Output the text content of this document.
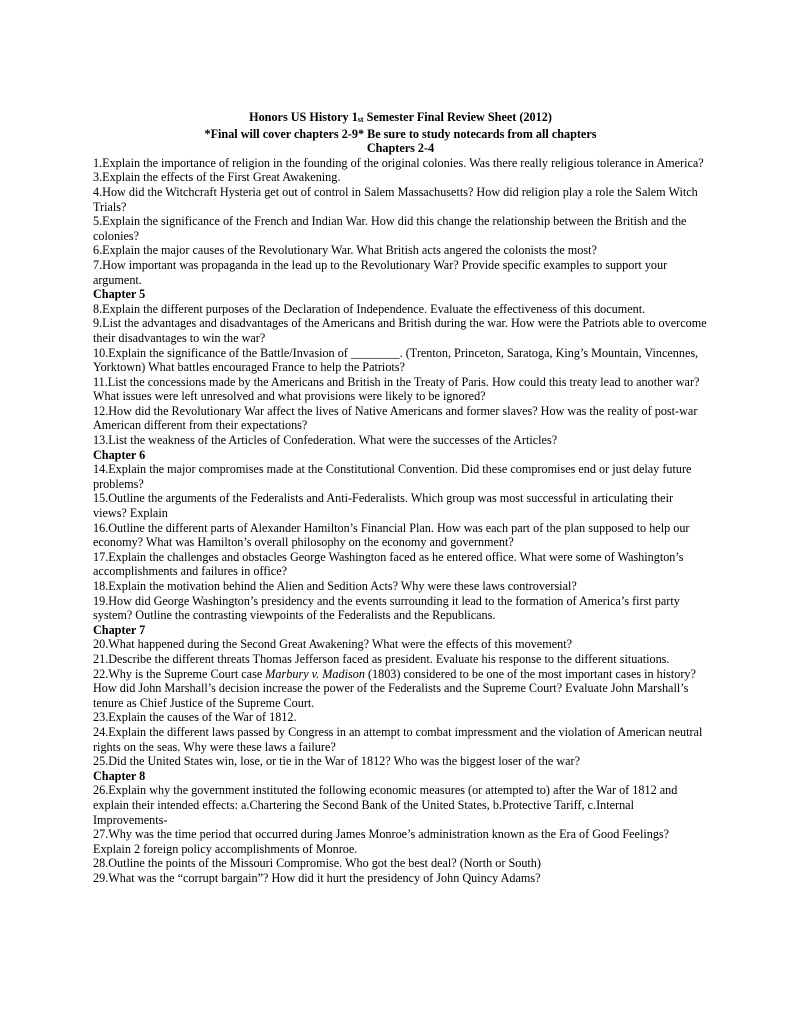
Honors US History 1st Semester Final Review Sheet (2012)
*Final will cover chapters 2-9* Be sure to study notecards from all chapters
Chapters 2-4

1.Explain the importance of religion in the founding of the original colonies. Was there really religious tolerance in America?

3.Explain the effects of the First Great Awakening.

4.How did the Witchcraft Hysteria get out of control in Salem Massachusetts? How did religion play a role the Salem Witch Trials?

5.Explain the significance of the French and Indian War. How did this change the relationship between the British and the colonies?

6.Explain the major causes of the Revolutionary War. What British acts angered the colonists the most?

7.How important was propaganda in the lead up to the Revolutionary War? Provide specific examples to support your argument.

Chapter 5

8.Explain the different purposes of the Declaration of Independence. Evaluate the effectiveness of this document.

9.List the advantages and disadvantages of the Americans and British during the war. How were the Patriots able to overcome their disadvantages to win the war?

10.Explain the significance of the Battle/Invasion of ________. (Trenton, Princeton, Saratoga, King’s Mountain, Vincennes, Yorktown) What battles encouraged France to help the Patriots?

11.List the concessions made by the Americans and British in the Treaty of Paris. How could this treaty lead to another war? What issues were left unresolved and what provisions were likely to be ignored?

12.How did the Revolutionary War affect the lives of Native Americans and former slaves? How was the reality of post-war American different from their expectations?

13.List the weakness of the Articles of Confederation. What were the successes of the Articles?

Chapter 6

14.Explain the major compromises made at the Constitutional Convention. Did these compromises end or just delay future problems?

15.Outline the arguments of the Federalists and Anti-Federalists. Which group was most successful in articulating their views? Explain

16.Outline the different parts of Alexander Hamilton’s Financial Plan. How was each part of the plan supposed to help our economy? What was Hamilton’s overall philosophy on the economy and government?

17.Explain the challenges and obstacles George Washington faced as he entered office. What were some of Washington’s accomplishments and failures in office?

18.Explain the motivation behind the Alien and Sedition Acts? Why were these laws controversial?

19.How did George Washington’s presidency and the events surrounding it lead to the formation of America’s first party system? Outline the contrasting viewpoints of the Federalists and the Republicans.

Chapter 7

20.What happened during the Second Great Awakening? What were the effects of this movement?

21.Describe the different threats Thomas Jefferson faced as president. Evaluate his response to the different situations.

22.Why is the Supreme Court case Marbury v. Madison (1803) considered to be one of the most important cases in history? How did John Marshall’s decision increase the power of the Federalists and the Supreme Court? Evaluate John Marshall’s tenure as Chief Justice of the Supreme Court.

23.Explain the causes of the War of 1812.

24.Explain the different laws passed by Congress in an attempt to combat impressment and the violation of American neutral rights on the seas. Why were these laws a failure?

25.Did the United States win, lose, or tie in the War of 1812? Who was the biggest loser of the war?

Chapter 8

26.Explain why the government instituted the following economic measures (or attempted to) after the War of 1812 and explain their intended effects: a.Chartering the Second Bank of the United States, b.Protective Tariff, c.Internal Improvements-

27.Why was the time period that occurred during James Monroe’s administration known as the Era of Good Feelings? Explain 2 foreign policy accomplishments of Monroe.

28.Outline the points of the Missouri Compromise. Who got the best deal? (North or South)

29.What was the “corrupt bargain”? How did it hurt the presidency of John Quincy Adams?
